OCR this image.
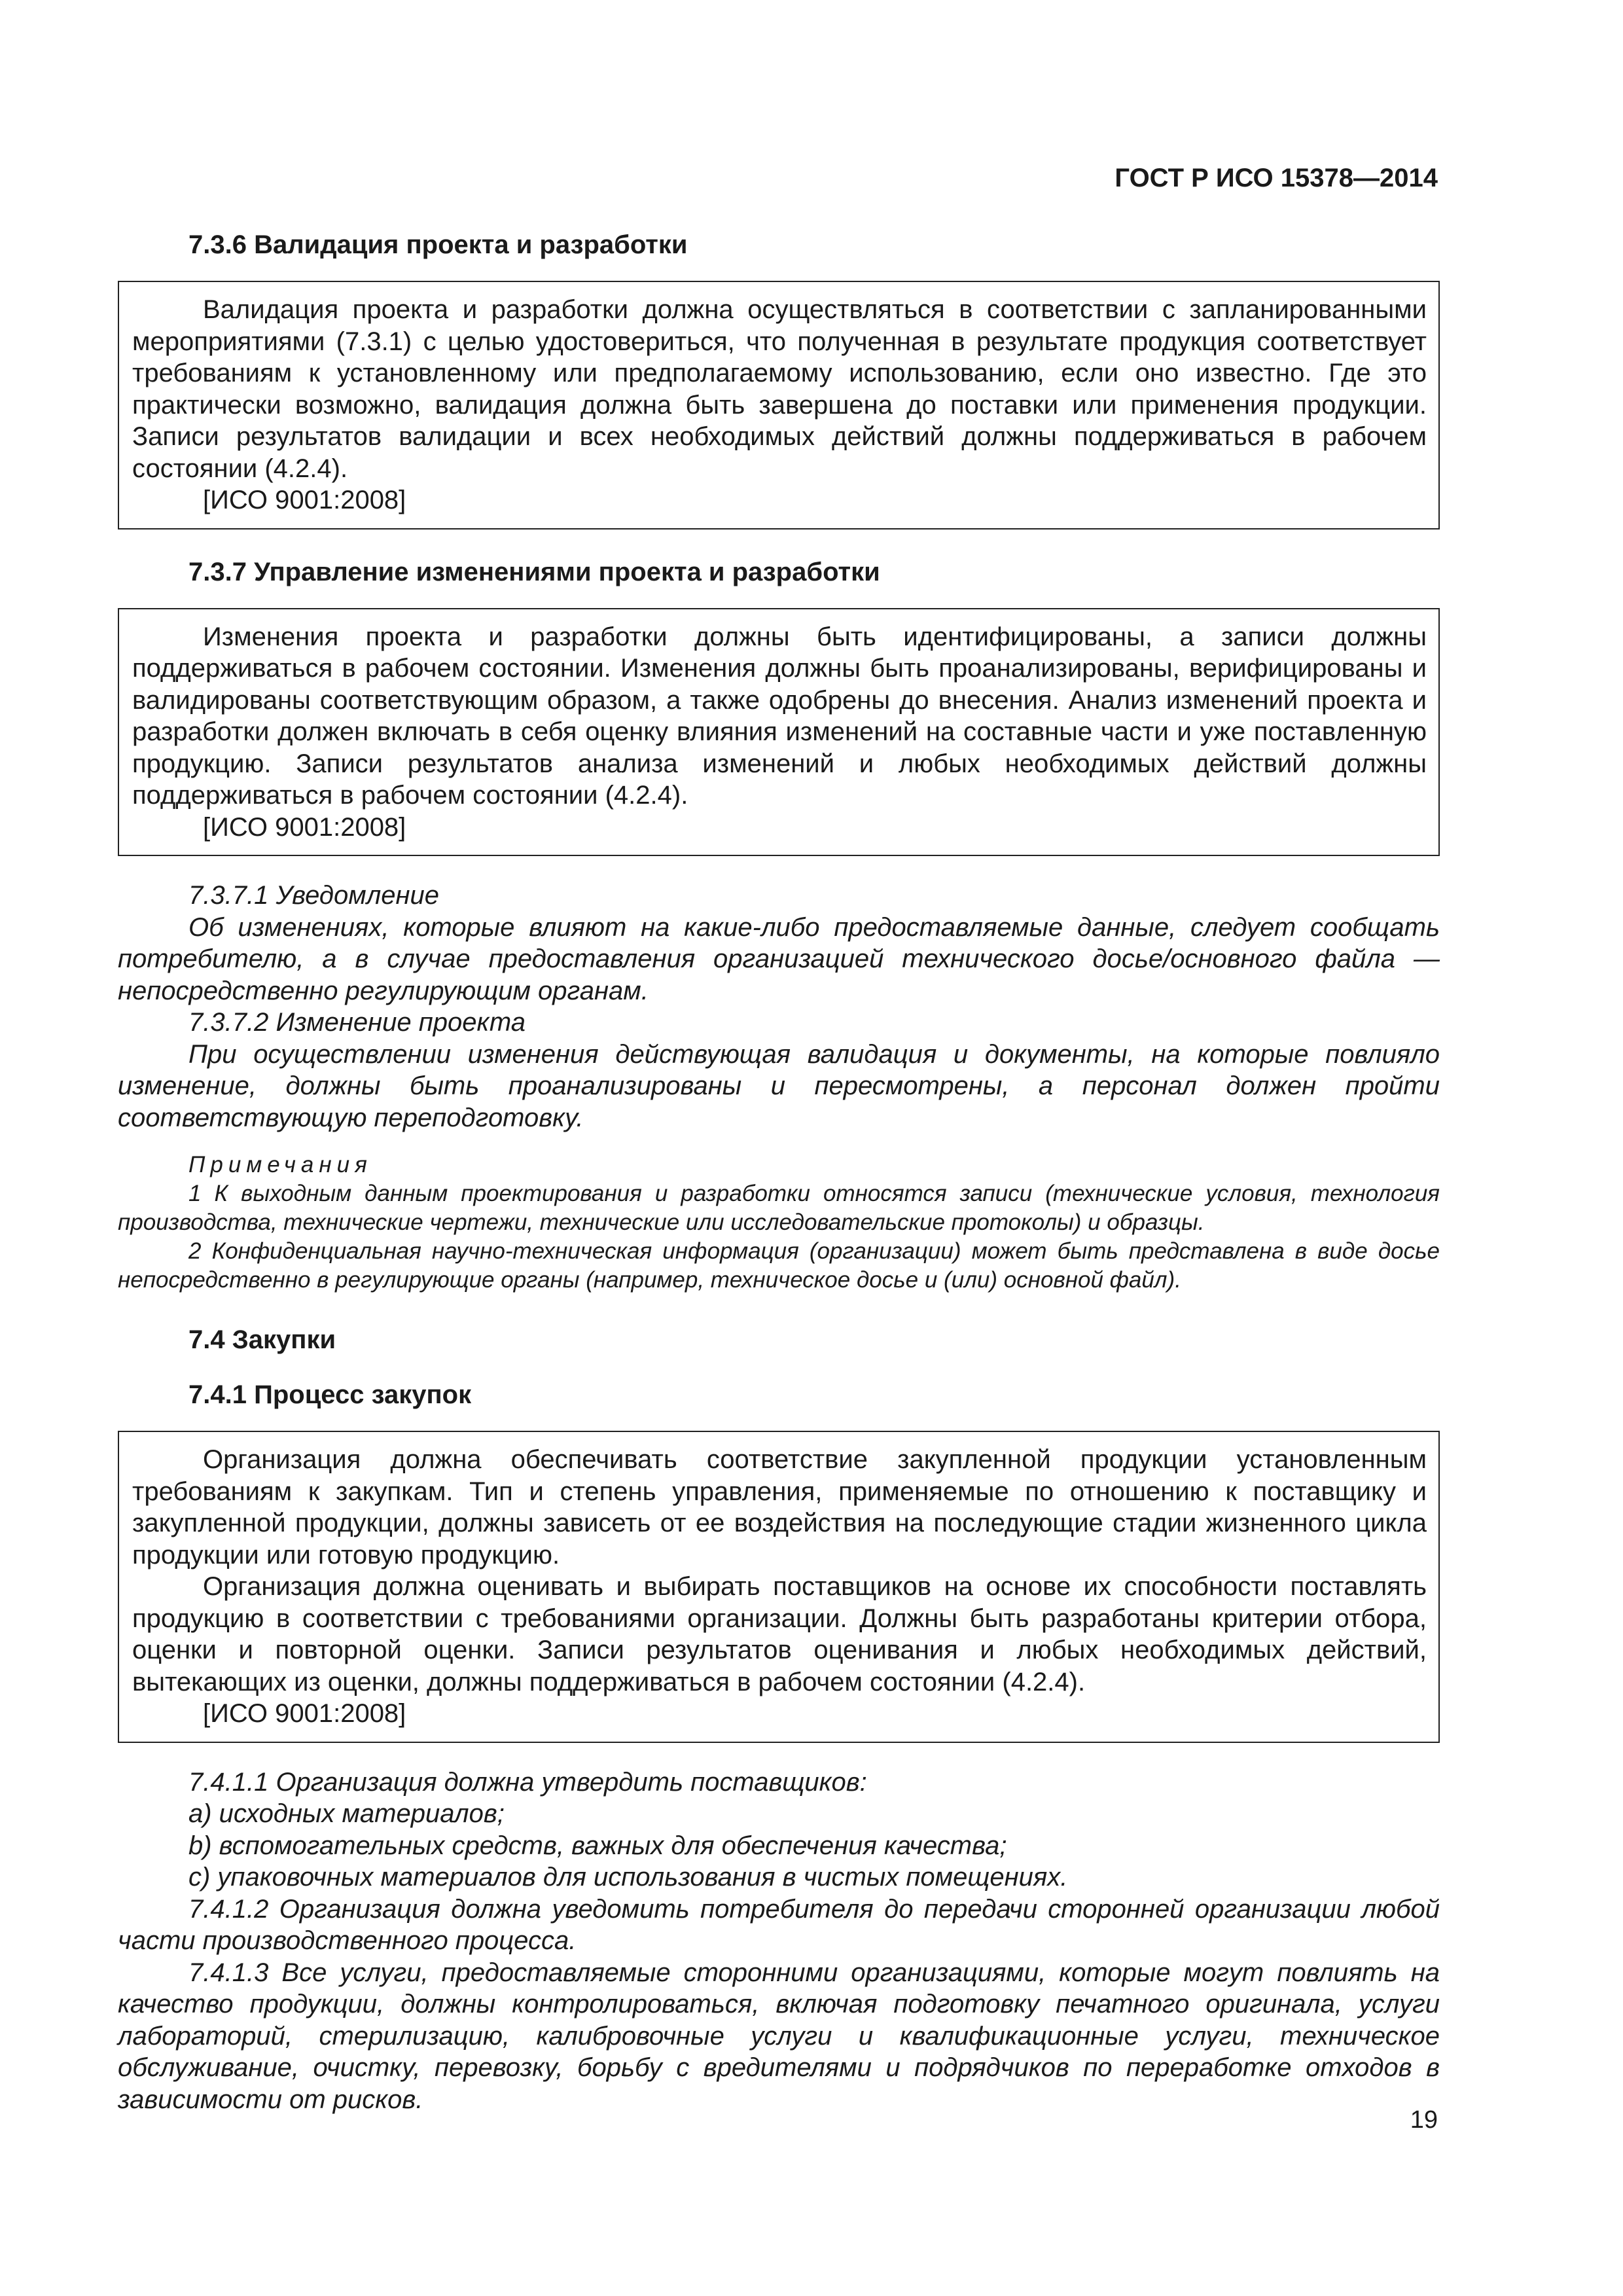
ГОСТ Р ИСО 15378—2014
7.3.6 Валидация проекта и разработки

Валидация проекта и разработки должна осуществляться в соответствии с запланированными мероприятиями (7.3.1) с целью удостовериться, что полученная в результате продукция соответствует требованиям к установленному или предполагаемому использованию, если оно известно. Где это практически возможно, валидация должна быть завершена до поставки или применения продукции. Записи результатов валидации и всех необходимых действий должны поддерживаться в рабочем состоянии (4.2.4).

[ИСО 9001:2008]

7.3.7 Управление изменениями проекта и разработки

Изменения проекта и разработки должны быть идентифицированы, а записи должны поддерживаться в рабочем состоянии. Изменения должны быть проанализированы, верифицированы и валидированы соответствующим образом, а также одобрены до внесения. Анализ изменений проекта и разработки должен включать в себя оценку влияния изменений на составные части и уже поставленную продукцию. Записи результатов анализа изменений и любых необходимых действий должны поддерживаться в рабочем состоянии (4.2.4).

[ИСО 9001:2008]

7.3.7.1 Уведомление

Об изменениях, которые влияют на какие-либо предоставляемые данные, следует сообщать потребителю, а в случае предоставления организацией технического досье/основного файла — непосредственно регулирующим органам.

7.3.7.2 Изменение проекта

При осуществлении изменения действующая валидация и документы, на которые повлияло изменение, должны быть проанализированы и пересмотрены, а персонал должен пройти соответствующую переподготовку.

Примечания

1 К выходным данным проектирования и разработки относятся записи (технические условия, технология производства, технические чертежи, технические или исследовательские протоколы) и образцы.

2 Конфиденциальная научно-техническая информация (организации) может быть представлена в виде досье непосредственно в регулирующие органы (например, техническое досье и (или) основной файл).

7.4 Закупки
7.4.1 Процесс закупок

Организация должна обеспечивать соответствие закупленной продукции установленным требованиям к закупкам. Тип и степень управления, применяемые по отношению к поставщику и закупленной продукции, должны зависеть от ее воздействия на последующие стадии жизненного цикла продукции или готовую продукцию.

Организация должна оценивать и выбирать поставщиков на основе их способности поставлять продукцию в соответствии с требованиями организации. Должны быть разработаны критерии отбора, оценки и повторной оценки. Записи результатов оценивания и любых необходимых действий, вытекающих из оценки, должны поддерживаться в рабочем состоянии (4.2.4).

[ИСО 9001:2008]

7.4.1.1 Организация должна утвердить поставщиков:

a) исходных материалов;

b) вспомогательных средств, важных для обеспечения качества;

c) упаковочных материалов для использования в чистых помещениях.

7.4.1.2 Организация должна уведомить потребителя до передачи сторонней организации любой части производственного процесса.

7.4.1.3 Все услуги, предоставляемые сторонними организациями, которые могут повлиять на качество продукции, должны контролироваться, включая подготовку печатного оригинала, услуги лабораторий, стерилизацию, калибровочные услуги и квалификационные услуги, техническое обслуживание, очистку, перевозку, борьбу с вредителями и подрядчиков по переработке отходов в зависимости от рисков.

19
